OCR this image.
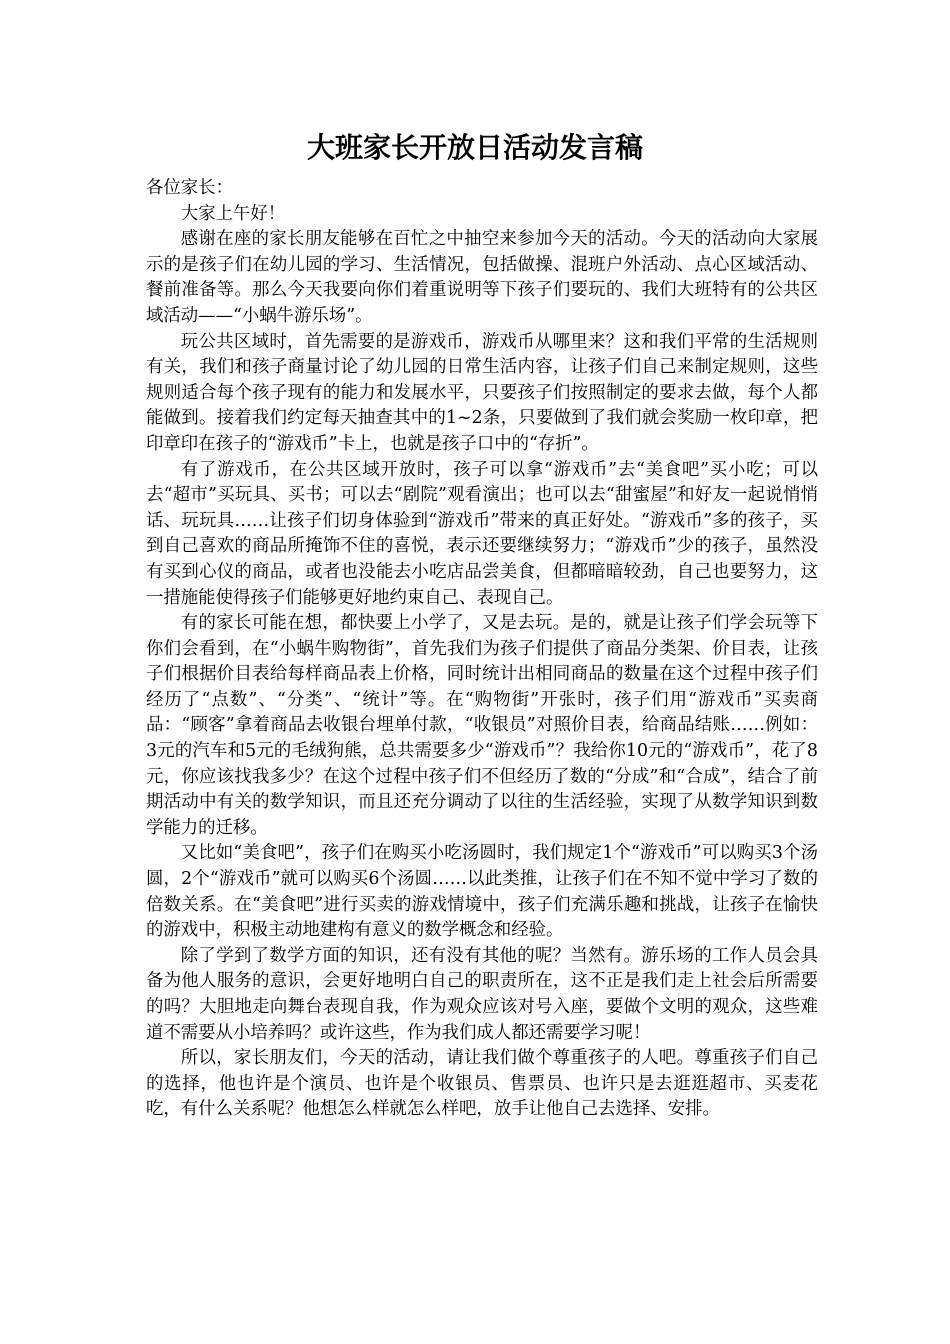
大班家长开放日活动发言稿

各位家长：

大家上午好！

感谢在座的家长朋友能够在百忙之中抽空来参加今天的活动。今天的活动向大家展示的是孩子们在幼儿园的学习、生活情况，包括做操、混班户外活动、点心区域活动、餐前准备等。那么今天我要向你们着重说明等下孩子们要玩的、我们大班特有的公共区域活动——“小蜗牛游乐场”。

玩公共区域时，首先需要的是游戏币，游戏币从哪里来？这和我们平常的生活规则有关，我们和孩子商量讨论了幼儿园的日常生活内容，让孩子们自己来制定规则，这些规则适合每个孩子现有的能力和发展水平，只要孩子们按照制定的要求去做，每个人都能做到。接着我们约定每天抽查其中的1~2条，只要做到了我们就会奖励一枚印章，把印章印在孩子的“游戏币”卡上，也就是孩子口中的“存折”。

有了游戏币，在公共区域开放时，孩子可以拿“游戏币”去“美食吧”买小吃；可以去“超市”买玩具、买书；可以去“剧院”观看演出；也可以去“甜蜜屋”和好友一起说悄悄话、玩玩具……让孩子们切身体验到“游戏币”带来的真正好处。“游戏币”多的孩子，买到自己喜欢的商品所掩饰不住的喜悦，表示还要继续努力；“游戏币”少的孩子，虽然没有买到心仪的商品，或者也没能去小吃店品尝美食，但都暗暗较劲，自己也要努力，这一措施能使得孩子们能够更好地约束自己、表现自己。

有的家长可能在想，都快要上小学了，又是去玩。是的，就是让孩子们学会玩等下你们会看到，在“小蜗牛购物街”，首先我们为孩子们提供了商品分类架、价目表，让孩子们根据价目表给每样商品表上价格，同时统计出相同商品的数量在这个过程中孩子们经历了“点数”、“分类”、“统计”等。在“购物街”开张时，孩子们用“游戏币”买卖商品：“顾客”拿着商品去收银台埋单付款，“收银员”对照价目表，给商品结账……例如：3元的汽车和5元的毛绒狗熊，总共需要多少“游戏币”？我给你10元的“游戏币”，花了8元，你应该找我多少？在这个过程中孩子们不但经历了数的“分成”和“合成”，结合了前期活动中有关的数学知识，而且还充分调动了以往的生活经验，实现了从数学知识到数学能力的迁移。

又比如“美食吧”，孩子们在购买小吃汤圆时，我们规定1个“游戏币”可以购买3个汤圆，2个“游戏币”就可以购买6个汤圆……以此类推，让孩子们在不知不觉中学习了数的倍数关系。在“美食吧”进行买卖的游戏情境中，孩子们充满乐趣和挑战，让孩子在愉快的游戏中，积极主动地建构有意义的数学概念和经验。

除了学到了数学方面的知识，还有没有其他的呢？当然有。游乐场的工作人员会具备为他人服务的意识，会更好地明白自己的职责所在，这不正是我们走上社会后所需要的吗？大胆地走向舞台表现自我，作为观众应该对号入座，要做个文明的观众，这些难道不需要从小培养吗？或许这些，作为我们成人都还需要学习呢！

所以，家长朋友们，今天的活动，请让我们做个尊重孩子的人吧。尊重孩子们自己的选择，他也许是个演员、也许是个收银员、售票员、也许只是去逛逛超市、买麦花吃，有什么关系呢？他想怎么样就怎么样吧，放手让他自己去选择、安排。
